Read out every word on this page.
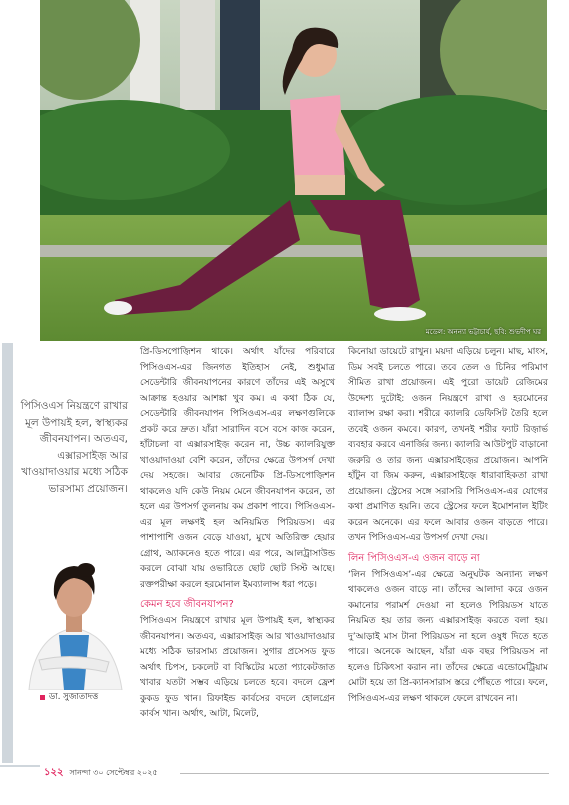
মডেল: অনন্যা ভট্টাচার্য, ছবি: শুভদীপ ঘর
পিসিওএস নিয়ন্ত্রণে রাখার মূল উপায়ই হল, স্বাস্থ্যকর জীবনযাপন। অতএব, এক্সারসাইজ় আর খাওয়াদাওয়ার মধ্যে সঠিক ভারসাম্য প্রয়োজন।
ডা. সুজাতাদত্ত

প্রি-ডিসপোজ়িশন থাকে। অর্থাৎ যাঁদের পরিবারে পিসিওএস-এর জিনগত ইতিহাস নেই, শুধুমাত্র সেডেন্টারি জীবনযাপনের কারণে তাঁদের এই অসুখে আক্রান্ত হওয়ার আশঙ্কা খুব কম। এ কথা ঠিক যে, সেডেন্টারি জীবনযাপন পিসিওএস-এর লক্ষণগুলিকে প্রকট করে দ্রুত। যাঁরা সারাদিন বসে বসে কাজ করেন, হাঁটাচলা বা এক্সারসাইজ় করেন না, উচ্চ ক্যালরিযুক্ত খাওয়াদাওয়া বেশি করেন, তাঁদের ক্ষেত্রে উপসর্গ দেখা দেয় সহজে। আবার জেনেটিক প্রি-ডিসপোজ়িশন থাকলেও যদি কেউ নিয়ম মেনে জীবনযাপন করেন, তা হলে এর উপসর্গ তুলনায় কম প্রকাশ পাবে। পিসিওএস-এর মূল লক্ষণই হল অনিয়মিত পিরিয়ডস। এর পাশাপাশি ওজন বেড়ে যাওয়া, মুখে অতিরিক্ত হেয়ার গ্রোথ, অ্যাকনেও হতে পারে। এর পরে, আলট্রাসাউন্ড করলে বোঝা যায় ওভারিতে ছোট ছোট সিস্ট আছে। রক্তপরীক্ষা করলে হরমোনাল ইমব্যালান্স ধরা পড়ে।

কেমন হবে জীবনযাপন?

পিসিওএস নিয়ন্ত্রণে রাখার মূল উপায়ই হল, স্বাস্থ্যকর জীবনযাপন। অতএব, এক্সারসাইজ় আর খাওয়াদাওয়ার মধ্যে সঠিক ভারসাম্য প্রয়োজন। সুগার প্রসেসড ফুড অর্থাৎ চিপস, চকলেট বা বিস্কিটের মতো প্যাকেটজাত খাবার যতটা সম্ভব এড়িয়ে চলতে হবে। বদলে ফ্রেশ কুকড ফুড খান। রিফাইন্ড কার্বসের বদলে হোলগ্রেন কার্বস খান। অর্থাৎ, আটা, মিলেট,

কিনোয়া ডায়েটে রাখুন। ময়দা এড়িয়ে চলুন। মাছ, মাংস, ডিম সবই চলতে পারে। তবে তেল ও চিনির পরিমাণ সীমিত রাখা প্রয়োজন। এই পুরো ডায়েট রেজিমের উদ্দেশ্য দুটোই: ওজন নিয়ন্ত্রণে রাখা ও হরমোনের ব্যালান্স রক্ষা করা। শরীরে ক্যালরি ডেফিসিট তৈরি হলে তবেই ওজন কমবে। কারণ, তখনই শরীর ফ্যাট রিজ়ার্ভ ব্যবহার করবে এনার্জির জন্য। ক্যালরি আউটপুট বাড়ানো জরুরি ও তার জন্য এক্সারসাইজ়ের প্রয়োজন। আপনি হাঁটুন বা জিম করুন, এক্সারসাইজ়ে ধারাবাহিকতা রাখা প্রয়োজন। স্ট্রেসের সঙ্গে সরাসরি পিসিওএস-এর যোগের কথা প্রমাণিত হয়নি। তবে স্ট্রেসের ফলে ইমোশনাল ইটিং করেন অনেকে। এর ফলে আবার ওজন বাড়তে পারে। তখন পিসিওএস-এর উপসর্গ দেখা দেয়।

লিন পিসিওএস-এ ওজন বাড়ে না

‘লিন পিসিওএস’-এর ক্ষেত্রে অনুঘটক অন্যান্য লক্ষণ থাকলেও ওজন বাড়ে না। তাঁদের আলাদা করে ওজন কমানোর পরামর্শ দেওয়া না হলেও পিরিয়ডস যাতে নিয়মিত হয় তার জন্য এক্সারসাইজ় করতে বলা হয়। দু’আড়াই মাস টানা পিরিয়ডস না হলে ওষুধ দিতে হতে পারে। অনেকে আছেন, যাঁরা এক বছর পিরিয়ডস না হলেও চিকিৎসা করান না। তাঁদের ক্ষেত্রে এন্ডোমেট্রিয়াম মোটা হয়ে তা প্রি-ক্যানসারাস স্তরে পৌঁছতে পারে। ফলে, পিসিওএস-এর লক্ষণ থাকলে ফেলে রাখবেন না।

১২২ সানন্দা ৩০ সেপ্টেম্বর ২০২৫
